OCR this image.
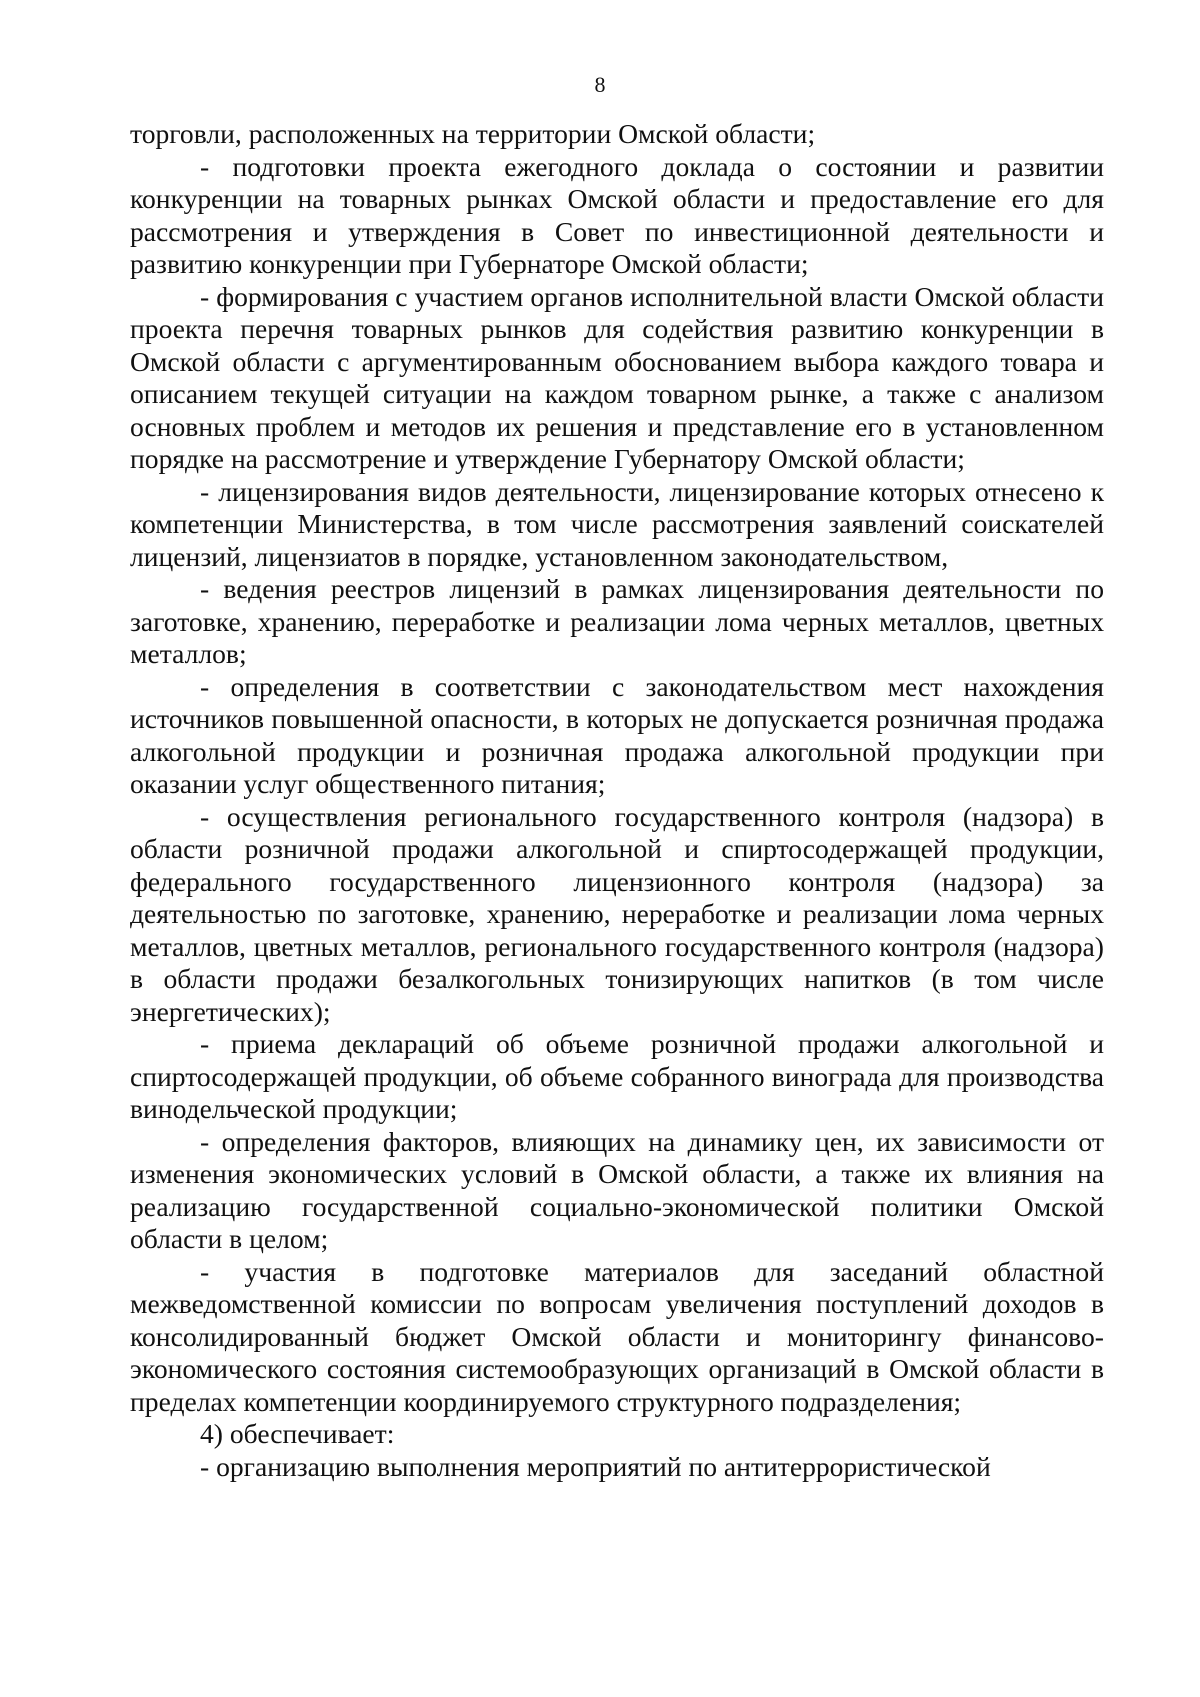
8

торговли, расположенных на территории Омской области;

- подготовки проекта ежегодного доклада о состоянии и развитии конкуренции на товарных рынках Омской области и предоставление его для рассмотрения и утверждения в Совет по инвестиционной деятельности и развитию конкуренции при Губернаторе Омской области;

- формирования с участием органов исполнительной власти Омской области проекта перечня товарных рынков для содействия развитию конкуренции в Омской области с аргументированным обоснованием выбора каждого товара и описанием текущей ситуации на каждом товарном рынке, а также с анализом основных проблем и методов их решения и представление его в установленном порядке на рассмотрение и утверждение Губернатору Омской области;

- лицензирования видов деятельности, лицензирование которых отнесено к компетенции Министерства, в том числе рассмотрения заявлений соискателей лицензий, лицензиатов в порядке, установленном законодательством,

- ведения реестров лицензий в рамках лицензирования деятельности по заготовке, хранению, переработке и реализации лома черных металлов, цветных металлов;

- определения в соответствии с законодательством мест нахождения источников повышенной опасности, в которых не допускается розничная продажа алкогольной продукции и розничная продажа алкогольной продукции при оказании услуг общественного питания;

- осуществления регионального государственного контроля (надзора) в области розничной продажи алкогольной и спиртосодержащей продукции, федерального государственного лицензионного контроля (надзора) за деятельностью по заготовке, хранению, нереработке и реализации лома черных металлов, цветных металлов, регионального государственного контроля (надзора) в области продажи безалкогольных тонизирующих напитков (в том числе энергетических);

- приема деклараций об объеме розничной продажи алкогольной и спиртосодержащей продукции, об объеме собранного винограда для производства винодельческой продукции;

- определения факторов, влияющих на динамику цен, их зависимости от изменения экономических условий в Омской области, а также их влияния на реализацию государственной социально-экономической политики Омской области в целом;

- участия в подготовке материалов для заседаний областной межведомственной комиссии по вопросам увеличения поступлений доходов в консолидированный бюджет Омской области и мониторингу финансово-экономического состояния системообразующих организаций в Омской области в пределах компетенции координируемого структурного подразделения;

4) обеспечивает:

- организацию выполнения мероприятий по антитеррористической
